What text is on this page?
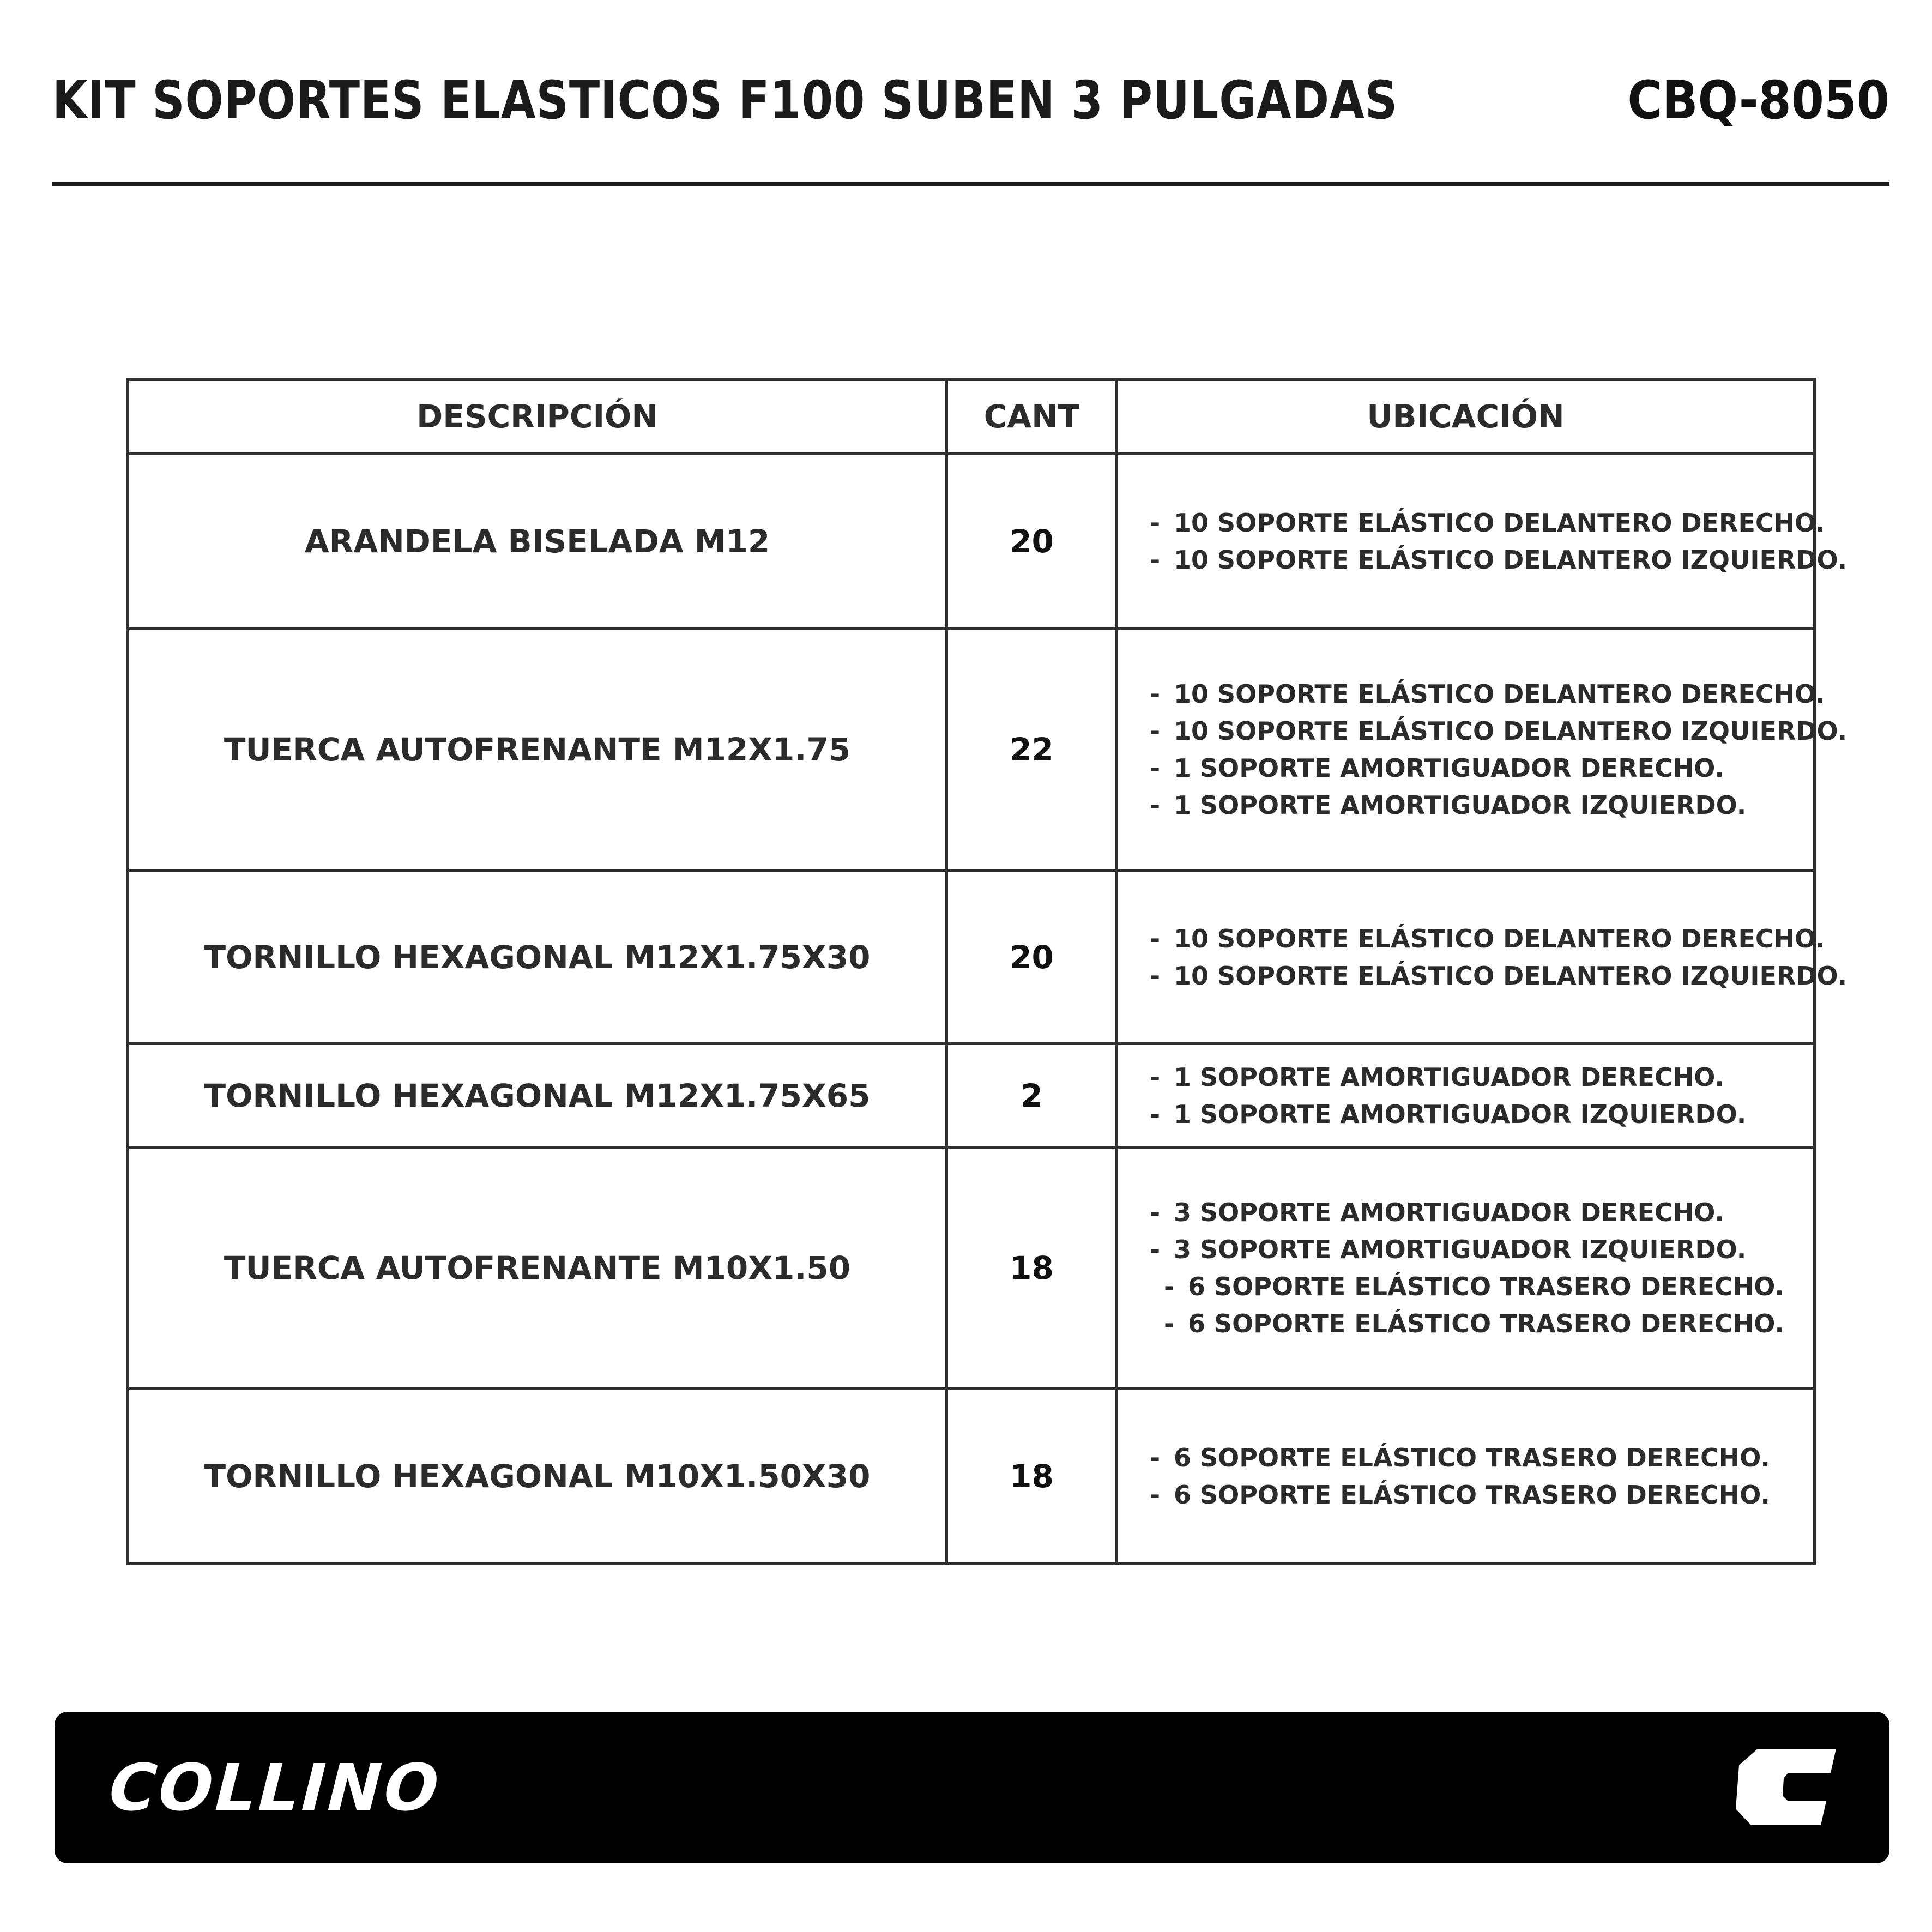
KIT SOPORTES ELASTICOS F100 SUBEN 3 PULGADAS	CBQ-8050
DESCRIPCIÓN	CANT	UBICACIÓN
ARANDELA BISELADA M12	20	- 10 SOPORTE ELÁSTICO DELANTERO DERECHO.
- 10 SOPORTE ELÁSTICO DELANTERO IZQUIERDO.

TUERCA AUTOFRENANTE M12X1.75	22	- 10 SOPORTE ELÁSTICO DELANTERO DERECHO.
- 10 SOPORTE ELÁSTICO DELANTERO IZQUIERDO.
- 1 SOPORTE AMORTIGUADOR DERECHO.
- 1 SOPORTE AMORTIGUADOR IZQUIERDO.

TORNILLO HEXAGONAL M12X1.75X30	20	- 10 SOPORTE ELÁSTICO DELANTERO DERECHO.
- 10 SOPORTE ELÁSTICO DELANTERO IZQUIERDO.

TORNILLO HEXAGONAL M12X1.75X65	2	- 1 SOPORTE AMORTIGUADOR DERECHO.
- 1 SOPORTE AMORTIGUADOR IZQUIERDO.

TUERCA AUTOFRENANTE M10X1.50	18	- 3 SOPORTE AMORTIGUADOR DERECHO.
- 3 SOPORTE AMORTIGUADOR IZQUIERDO.
- 6 SOPORTE ELÁSTICO TRASERO DERECHO.
- 6 SOPORTE ELÁSTICO TRASERO DERECHO.

TORNILLO HEXAGONAL M10X1.50X30	18	- 6 SOPORTE ELÁSTICO TRASERO DERECHO.
- 6 SOPORTE ELÁSTICO TRASERO DERECHO.
COLLINO
